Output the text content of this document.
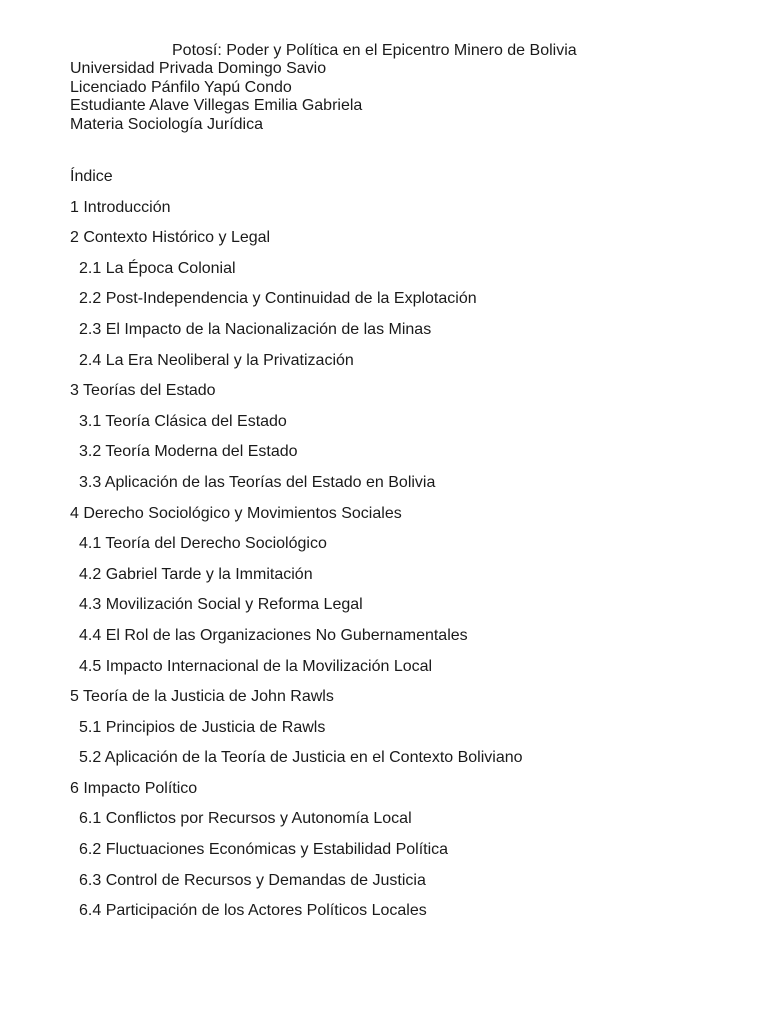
Potosí: Poder y Política en el Epicentro Minero de Bolivia
Universidad Privada Domingo Savio
Licenciado Pánfilo Yapú Condo
Estudiante Alave Villegas Emilia Gabriela
Materia Sociología Jurídica
Índice
1 Introducción
2 Contexto Histórico y Legal
2.1 La Época Colonial
2.2 Post-Independencia y Continuidad de la Explotación
2.3 El Impacto de la Nacionalización de las Minas
2.4 La Era Neoliberal y la Privatización
3 Teorías del Estado
3.1 Teoría Clásica del Estado
3.2 Teoría Moderna del Estado
3.3 Aplicación de las Teorías del Estado en Bolivia
4 Derecho Sociológico y Movimientos Sociales
4.1 Teoría del Derecho Sociológico
4.2 Gabriel Tarde y la Immitación
4.3 Movilización Social y Reforma Legal
4.4 El Rol de las Organizaciones No Gubernamentales
4.5 Impacto Internacional de la Movilización Local
5 Teoría de la Justicia de John Rawls
5.1 Principios de Justicia de Rawls
5.2 Aplicación de la Teoría de Justicia en el Contexto Boliviano
6 Impacto Político
6.1 Conflictos por Recursos y Autonomía Local
6.2 Fluctuaciones Económicas y Estabilidad Política
6.3 Control de Recursos y Demandas de Justicia
6.4 Participación de los Actores Políticos Locales
